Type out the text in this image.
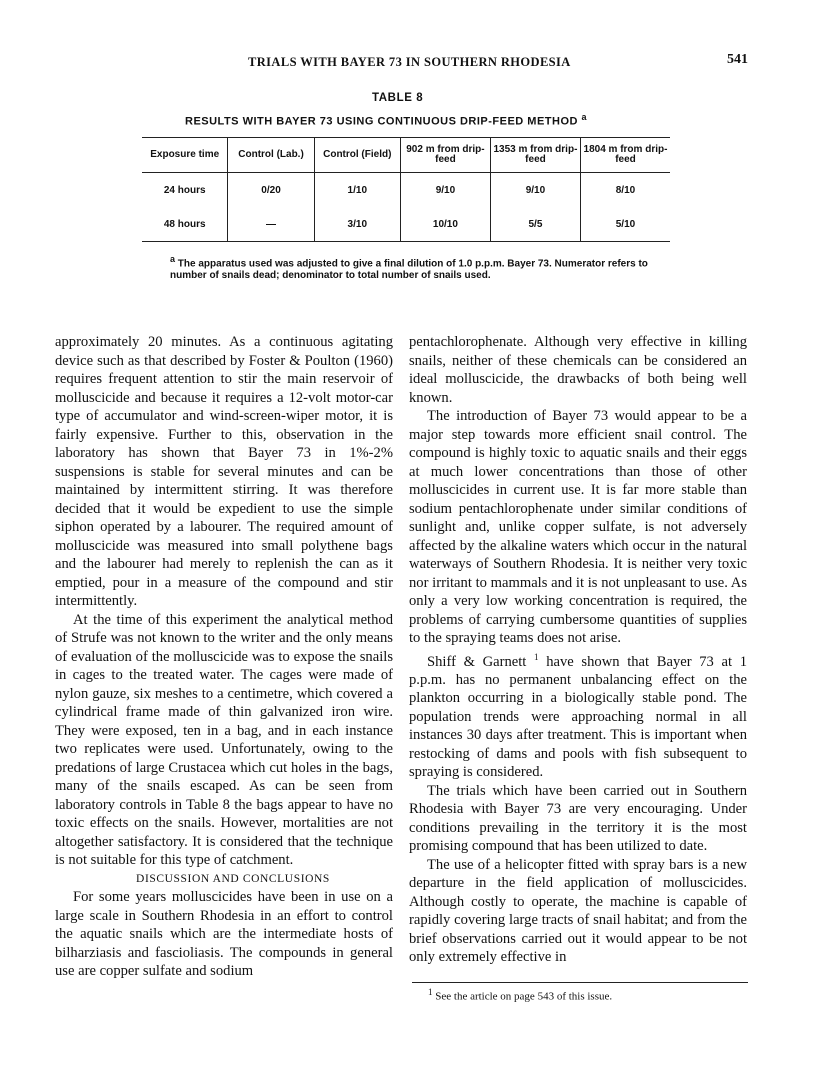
TRIALS WITH BAYER 73 IN SOUTHERN RHODESIA	541
TABLE 8
RESULTS WITH BAYER 73 USING CONTINUOUS DRIP-FEED METHOD $^a$
Exposure time	Control (Lab.)	Control (Field)	902 m from drip-feed	1353 m from drip-feed	1804 m from drip-feed
24 hours	0/20	1/10	9/10	9/10	8/10
48 hours	—	3/10	10/10	5/5	5/10
$^a$ The apparatus used was adjusted to give a final dilution of 1.0 p.p.m. Bayer 73. Numerator refers to number of snails dead; denominator to total number of snails used.

approximately 20 minutes. As a continuous agitating device such as that described by Foster & Poulton (1960) requires frequent attention to stir the main reservoir of molluscicide and because it requires a 12-volt motor-car type of accumulator and wind-screen-wiper motor, it is fairly expensive. Further to this, observation in the laboratory has shown that Bayer 73 in 1%-2% suspensions is stable for several minutes and can be maintained by intermittent stirring. It was therefore decided that it would be expedient to use the simple siphon operated by a labourer. The required amount of molluscicide was measured into small polythene bags and the labourer had merely to replenish the can as it emptied, pour in a measure of the compound and stir intermittently.

At the time of this experiment the analytical method of Strufe was not known to the writer and the only means of evaluation of the molluscicide was to expose the snails in cages to the treated water. The cages were made of nylon gauze, six meshes to a centimetre, which covered a cylindrical frame made of thin galvanized iron wire. They were exposed, ten in a bag, and in each instance two replicates were used. Unfortunately, owing to the predations of large Crustacea which cut holes in the bags, many of the snails escaped. As can be seen from laboratory controls in Table 8 the bags appear to have no toxic effects on the snails. However, mortalities are not altogether satisfactory. It is considered that the technique is not suitable for this type of catchment.

DISCUSSION AND CONCLUSIONS

For some years molluscicides have been in use on a large scale in Southern Rhodesia in an effort to control the aquatic snails which are the intermediate hosts of bilharziasis and fascioliasis. The compounds in general use are copper sulfate and sodium

pentachlorophenate. Although very effective in killing snails, neither of these chemicals can be considered an ideal molluscicide, the drawbacks of both being well known.

The introduction of Bayer 73 would appear to be a major step towards more efficient snail control. The compound is highly toxic to aquatic snails and their eggs at much lower concentrations than those of other molluscicides in current use. It is far more stable than sodium pentachlorophenate under similar conditions of sunlight and, unlike copper sulfate, is not adversely affected by the alkaline waters which occur in the natural waterways of Southern Rhodesia. It is neither very toxic nor irritant to mammals and it is not unpleasant to use. As only a very low working concentration is required, the problems of carrying cumbersome quantities of supplies to the spraying teams does not arise.

Shiff & Garnett $^1$ have shown that Bayer 73 at 1 p.p.m. has no permanent unbalancing effect on the plankton occurring in a biologically stable pond. The population trends were approaching normal in all instances 30 days after treatment. This is important when restocking of dams and pools with fish subsequent to spraying is considered.

The trials which have been carried out in Southern Rhodesia with Bayer 73 are very encouraging. Under conditions prevailing in the territory it is the most promising compound that has been utilized to date.

The use of a helicopter fitted with spray bars is a new departure in the field application of molluscicides. Although costly to operate, the machine is capable of rapidly covering large tracts of snail habitat; and from the brief observations carried out it would appear to be not only extremely effective in

$^1$ See the article on page 543 of this issue.
